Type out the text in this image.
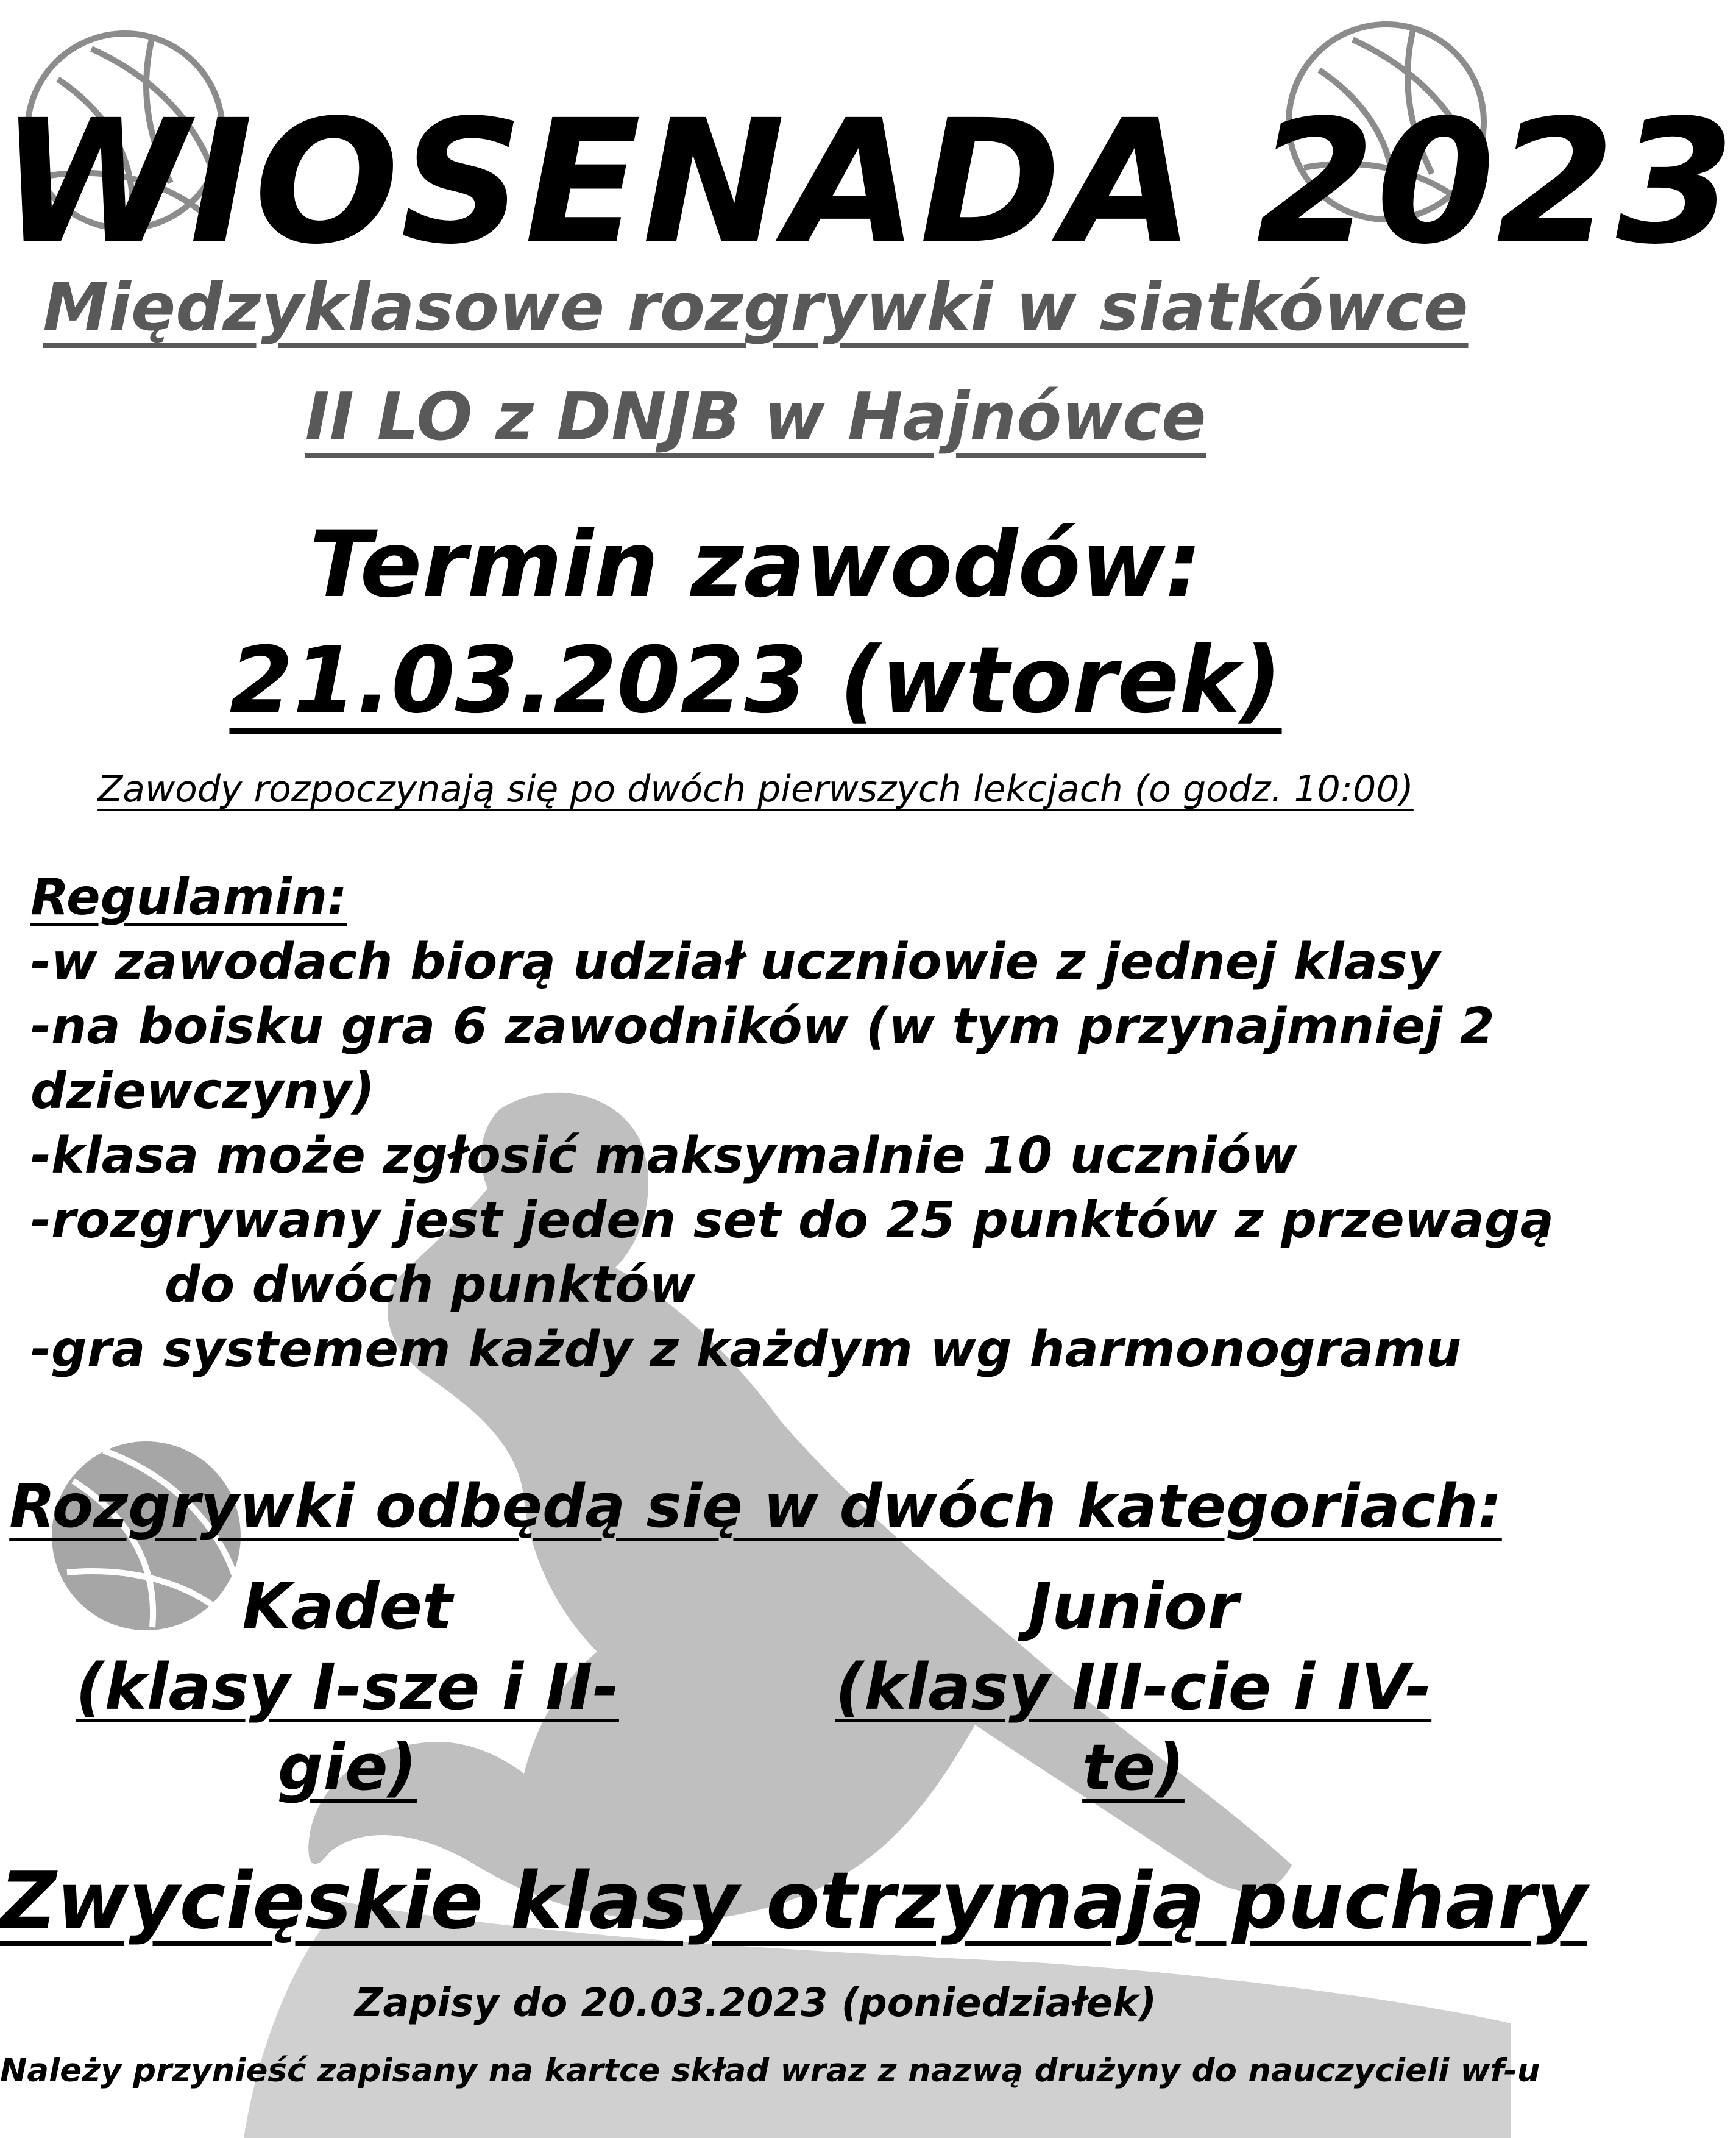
WIOSENADA 2023
Międzyklasowe rozgrywki w siatkówce
II LO z DNJB w Hajnówce
Termin zawodów:
21.03.2023 (wtorek)
Zawody rozpoczynają się po dwóch pierwszych lekcjach (o godz. 10:00)
Regulamin:
-w zawodach biorą udział uczniowie z jednej klasy
-na boisku gra 6 zawodników (w tym przynajmniej 2
dziewczyny)
-klasa może zgłosić maksymalnie 10 uczniów
-rozgrywany jest jeden set do 25 punktów z przewagą
do dwóch punktów
-gra systemem każdy z każdym wg harmonogramu
Rozgrywki odbędą się w dwóch kategoriach:
Kadet
(klasy I-sze i II-gie)
Junior
(klasy III-cie i IV-te)
Zwycięskie klasy otrzymają puchary
Zapisy do 20.03.2023 (poniedziałek)
Należy przynieść zapisany na kartce skład wraz z nazwą drużyny do nauczycieli wf-u
